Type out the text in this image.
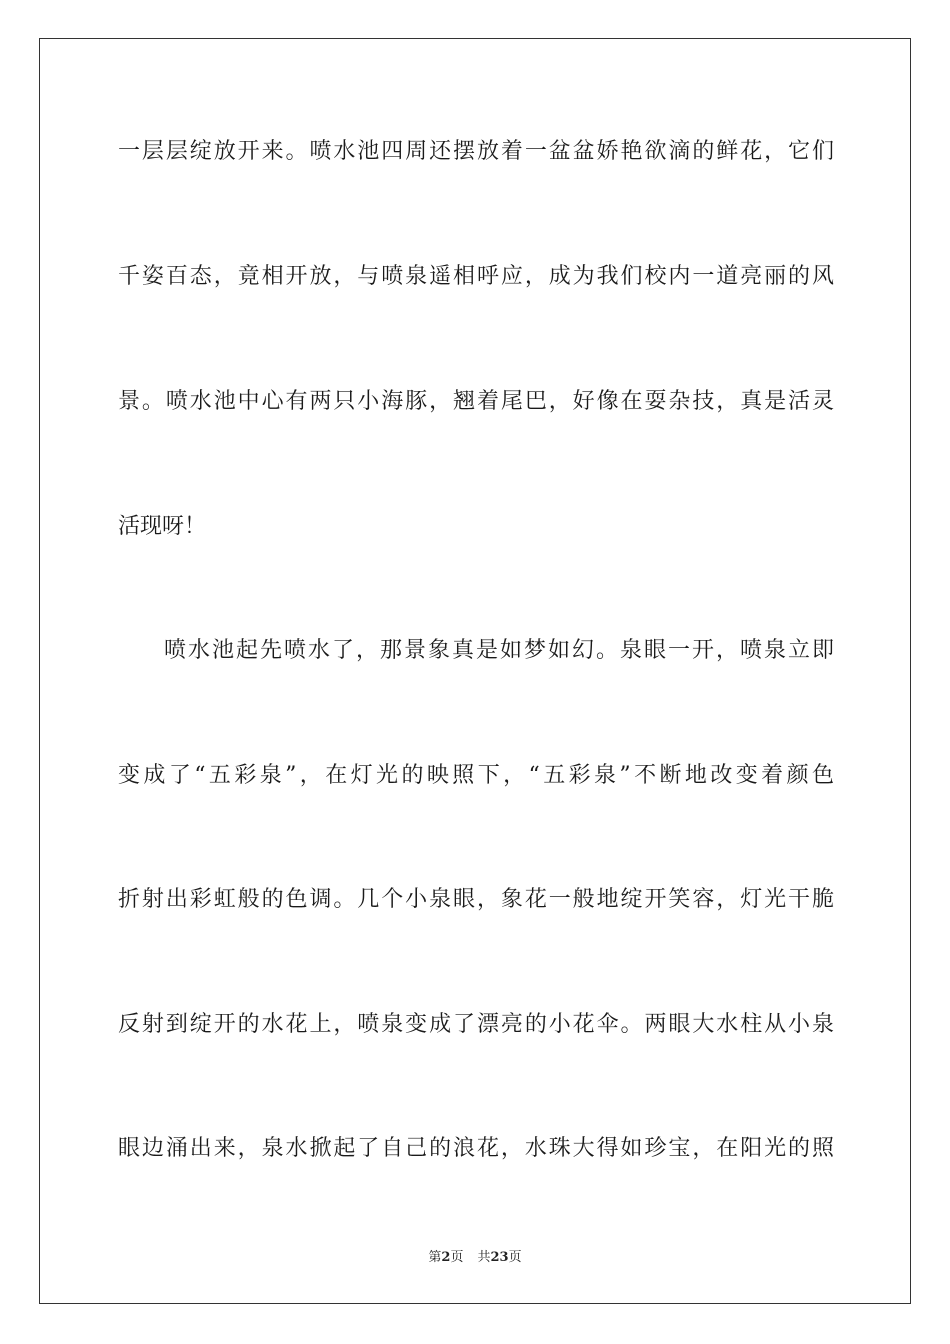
一层层绽放开来。喷水池四周还摆放着一盆盆娇艳欲滴的鲜花，它们
千姿百态，竟相开放，与喷泉遥相呼应，成为我们校内一道亮丽的风
景。喷水池中心有两只小海豚，翘着尾巴，好像在耍杂技，真是活灵
活现呀！
喷水池起先喷水了，那景象真是如梦如幻。泉眼一开，喷泉立即
变成了“五彩泉”，在灯光的映照下，“五彩泉”不断地改变着颜色
折射出彩虹般的色调。几个小泉眼，象花一般地绽开笑容，灯光干脆
反射到绽开的水花上，喷泉变成了漂亮的小花伞。两眼大水柱从小泉
眼边涌出来，泉水掀起了自己的浪花，水珠大得如珍宝，在阳光的照
第2页 共23页
